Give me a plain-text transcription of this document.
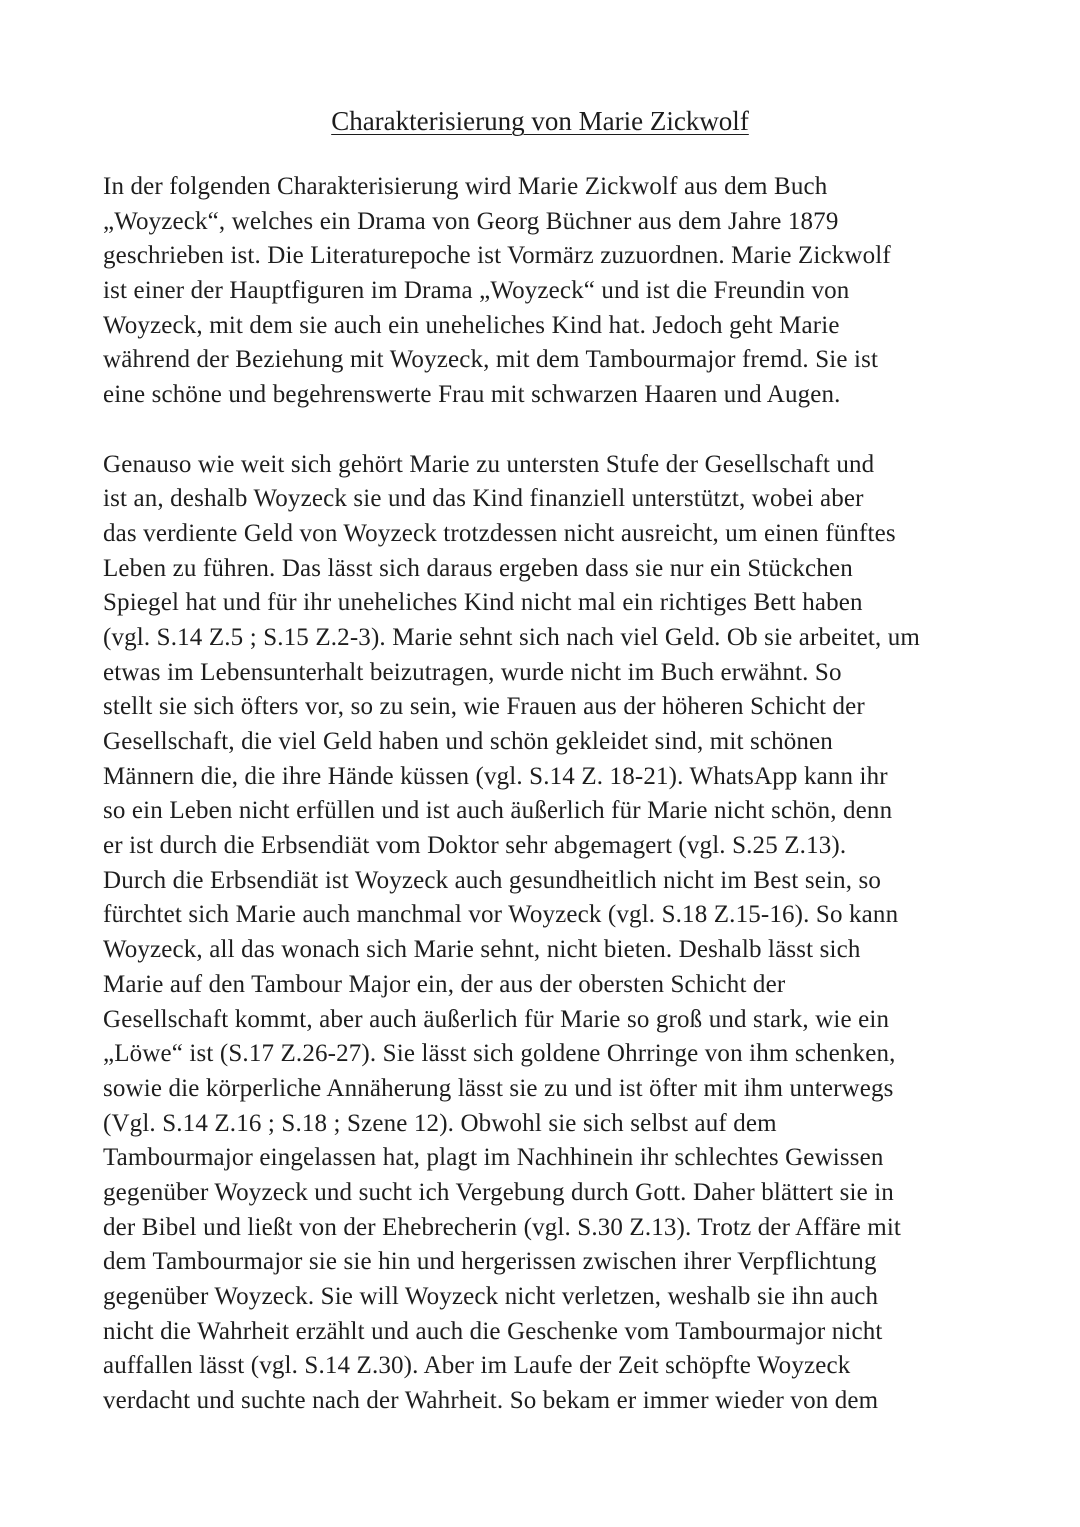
Charakterisierung von Marie Zickwolf

In der folgenden Charakterisierung wird Marie Zickwolf aus dem Buch
„Woyzeck“, welches ein Drama von Georg Büchner aus dem Jahre 1879
geschrieben ist. Die Literaturepoche ist Vormärz zuzuordnen. Marie Zickwolf
ist einer der Hauptfiguren im Drama „Woyzeck“ und ist die Freundin von
Woyzeck, mit dem sie auch ein uneheliches Kind hat. Jedoch geht Marie
während der Beziehung mit Woyzeck, mit dem Tambourmajor fremd. Sie ist
eine schöne und begehrenswerte Frau mit schwarzen Haaren und Augen.

Genauso wie weit sich gehört Marie zu untersten Stufe der Gesellschaft und
ist an, deshalb Woyzeck sie und das Kind finanziell unterstützt, wobei aber
das verdiente Geld von Woyzeck trotzdessen nicht ausreicht, um einen fünftes
Leben zu führen. Das lässt sich daraus ergeben dass sie nur ein Stückchen
Spiegel hat und für ihr uneheliches Kind nicht mal ein richtiges Bett haben
(vgl. S.14 Z.5 ; S.15 Z.2-3). Marie sehnt sich nach viel Geld. Ob sie arbeitet, um
etwas im Lebensunterhalt beizutragen, wurde nicht im Buch erwähnt. So
stellt sie sich öfters vor, so zu sein, wie Frauen aus der höheren Schicht der
Gesellschaft, die viel Geld haben und schön gekleidet sind, mit schönen
Männern die, die ihre Hände küssen (vgl. S.14 Z. 18-21). WhatsApp kann ihr
so ein Leben nicht erfüllen und ist auch äußerlich für Marie nicht schön, denn
er ist durch die Erbsendiät vom Doktor sehr abgemagert (vgl. S.25 Z.13).
Durch die Erbsendiät ist Woyzeck auch gesundheitlich nicht im Best sein, so
fürchtet sich Marie auch manchmal vor Woyzeck (vgl. S.18 Z.15-16). So kann
Woyzeck, all das wonach sich Marie sehnt, nicht bieten. Deshalb lässt sich
Marie auf den Tambour Major ein, der aus der obersten Schicht der
Gesellschaft kommt, aber auch äußerlich für Marie so groß und stark, wie ein
„Löwe“ ist (S.17 Z.26-27). Sie lässt sich goldene Ohrringe von ihm schenken,
sowie die körperliche Annäherung lässt sie zu und ist öfter mit ihm unterwegs
(Vgl. S.14 Z.16 ; S.18 ; Szene 12). Obwohl sie sich selbst auf dem
Tambourmajor eingelassen hat, plagt im Nachhinein ihr schlechtes Gewissen
gegenüber Woyzeck und sucht ich Vergebung durch Gott. Daher blättert sie in
der Bibel und ließt von der Ehebrecherin (vgl. S.30 Z.13). Trotz der Affäre mit
dem Tambourmajor sie sie hin und hergerissen zwischen ihrer Verpflichtung
gegenüber Woyzeck. Sie will Woyzeck nicht verletzen, weshalb sie ihn auch
nicht die Wahrheit erzählt und auch die Geschenke vom Tambourmajor nicht
auffallen lässt (vgl. S.14 Z.30). Aber im Laufe der Zeit schöpfte Woyzeck
verdacht und suchte nach der Wahrheit. So bekam er immer wieder von dem
